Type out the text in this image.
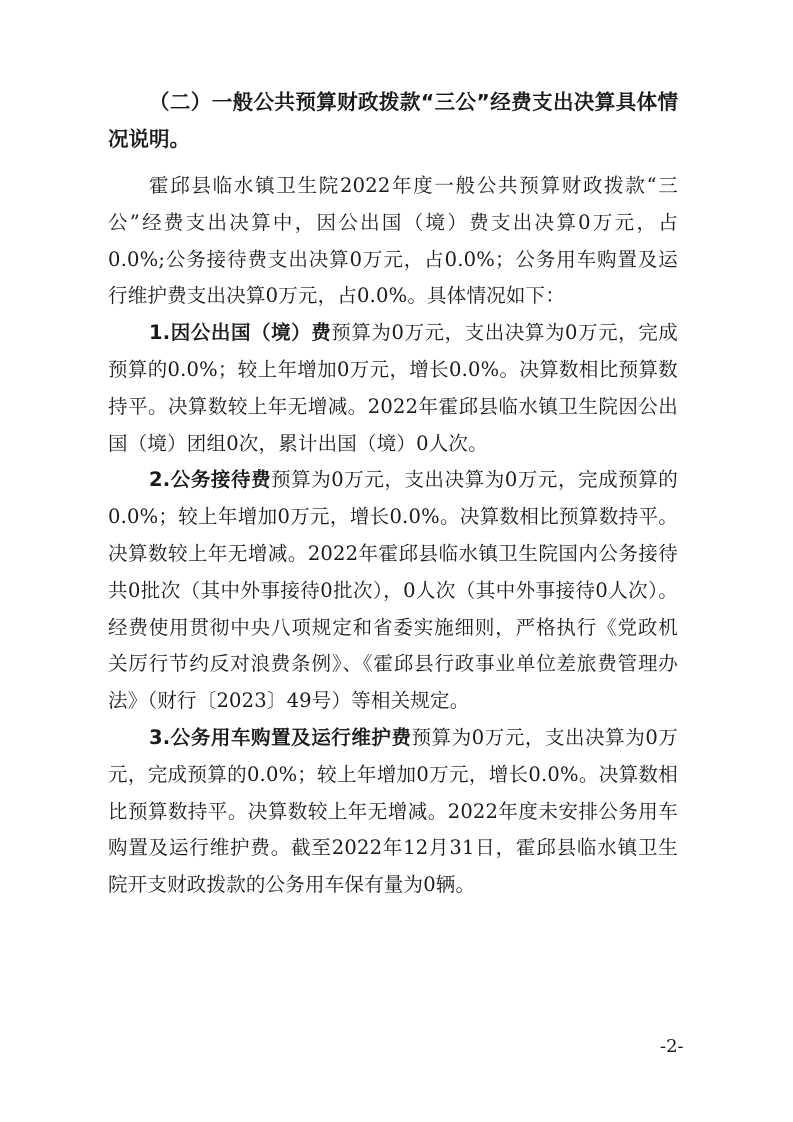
（二）一般公共预算财政拨款“三公”经费支出决算具体情况说明。

霍邱县临水镇卫生院2022年度一般公共预算财政拨款“三公”经费支出决算中，因公出国（境）费支出决算0万元，占0.0%;公务接待费支出决算0万元，占0.0%；公务用车购置及运行维护费支出决算0万元，占0.0%。具体情况如下：

1.因公出国（境）费预算为0万元，支出决算为0万元，完成预算的0.0%；较上年增加0万元，增长0.0%。决算数相比预算数持平。决算数较上年无增减。2022年霍邱县临水镇卫生院因公出国（境）团组0次，累计出国（境）0人次。

2.公务接待费预算为0万元，支出决算为0万元，完成预算的0.0%；较上年增加0万元，增长0.0%。决算数相比预算数持平。决算数较上年无增减。2022年霍邱县临水镇卫生院国内公务接待共0批次（其中外事接待0批次），0人次（其中外事接待0人次）。经费使用贯彻中央八项规定和省委实施细则，严格执行《党政机关厉行节约反对浪费条例》、《霍邱县行政事业单位差旅费管理办法》（财行〔2023〕49号）等相关规定。

3.公务用车购置及运行维护费预算为0万元，支出决算为0万元，完成预算的0.0%；较上年增加0万元，增长0.0%。决算数相比预算数持平。决算数较上年无增减。2022年度未安排公务用车购置及运行维护费。截至2022年12月31日，霍邱县临水镇卫生院开支财政拨款的公务用车保有量为0辆。

-2-
